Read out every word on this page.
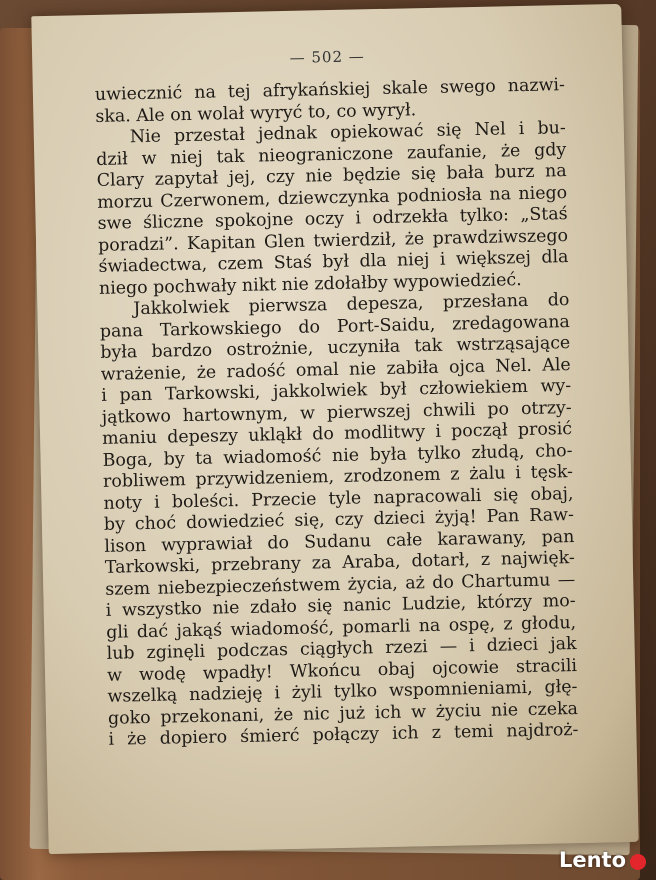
— 502 —
uwiecznić na tej afrykańskiej skale swego nazwi-
ska. Ale on wolał wyryć to, co wyrył.
Nie przestał jednak opiekować się Nel i bu-
dził w niej tak nieograniczone zaufanie, że gdy
Clary zapytał jej, czy nie będzie się bała burz na
morzu Czerwonem, dziewczynka podniosła na niego
swe śliczne spokojne oczy i odrzekła tylko: „Staś
poradzi”. Kapitan Glen twierdził, że prawdziwszego
świadectwa, czem Staś był dla niej i większej dla
niego pochwały nikt nie zdołałby wypowiedzieć.
Jakkolwiek pierwsza depesza, przesłana do
pana Tarkowskiego do Port-Saidu, zredagowana
była bardzo ostrożnie, uczyniła tak wstrząsające
wrażenie, że radość omal nie zabiła ojca Nel. Ale
i pan Tarkowski, jakkolwiek był człowiekiem wy-
jątkowo hartownym, w pierwszej chwili po otrzy-
maniu depeszy ukląkł do modlitwy i począł prosić
Boga, by ta wiadomość nie była tylko złudą, cho-
robliwem przywidzeniem, zrodzonem z żalu i tęsk-
noty i boleści. Przecie tyle napracowali się obaj,
by choć dowiedzieć się, czy dzieci żyją! Pan Raw-
lison wyprawiał do Sudanu całe karawany, pan
Tarkowski, przebrany za Araba, dotarł, z najwięk-
szem niebezpieczeństwem życia, aż do Chartumu —
i wszystko nie zdało się nanic Ludzie, którzy mo-
gli dać jakąś wiadomość, pomarli na ospę, z głodu,
lub zginęli podczas ciągłych rzezi — i dzieci jak
w wodę wpadły! Wkońcu obaj ojcowie stracili
wszelką nadzieję i żyli tylko wspomnieniami, głę-
goko przekonani, że nic już ich w życiu nie czeka
i że dopiero śmierć połączy ich z temi najdroż-
Lento
